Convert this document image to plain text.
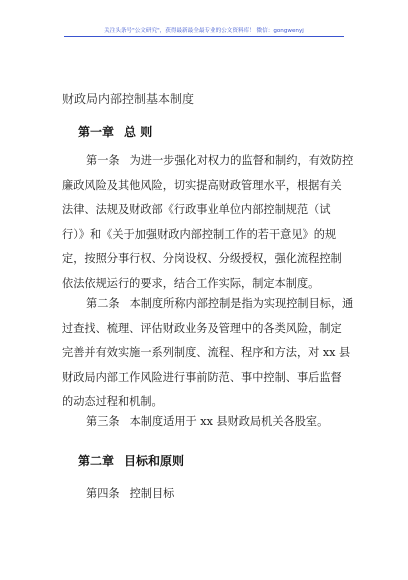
关注头条号"公文研究"，获得最新最全最专业的公文资料库！ 微信：gongwenyj
财政局内部控制基本制度
第一章 总 则
第一条 为进一步强化对权力的监督和制约，有效防控
廉政风险及其他风险，切实提高财政管理水平，根据有关
法律、法规及财政部《行政事业单位内部控制规范（试
行）》和《关于加强财政内部控制工作的若干意见》的规
定，按照分事行权、分岗设权、分级授权，强化流程控制
依法依规运行的要求，结合工作实际，制定本制度。
第二条 本制度所称内部控制是指为实现控制目标，通
过查找、梳理、评估财政业务及管理中的各类风险，制定
完善并有效实施一系列制度、流程、程序和方法，对 xx 县
财政局内部工作风险进行事前防范、事中控制、事后监督
的动态过程和机制。
第三条 本制度适用于 xx 县财政局机关各股室。
第二章 目标和原则
第四条 控制目标
